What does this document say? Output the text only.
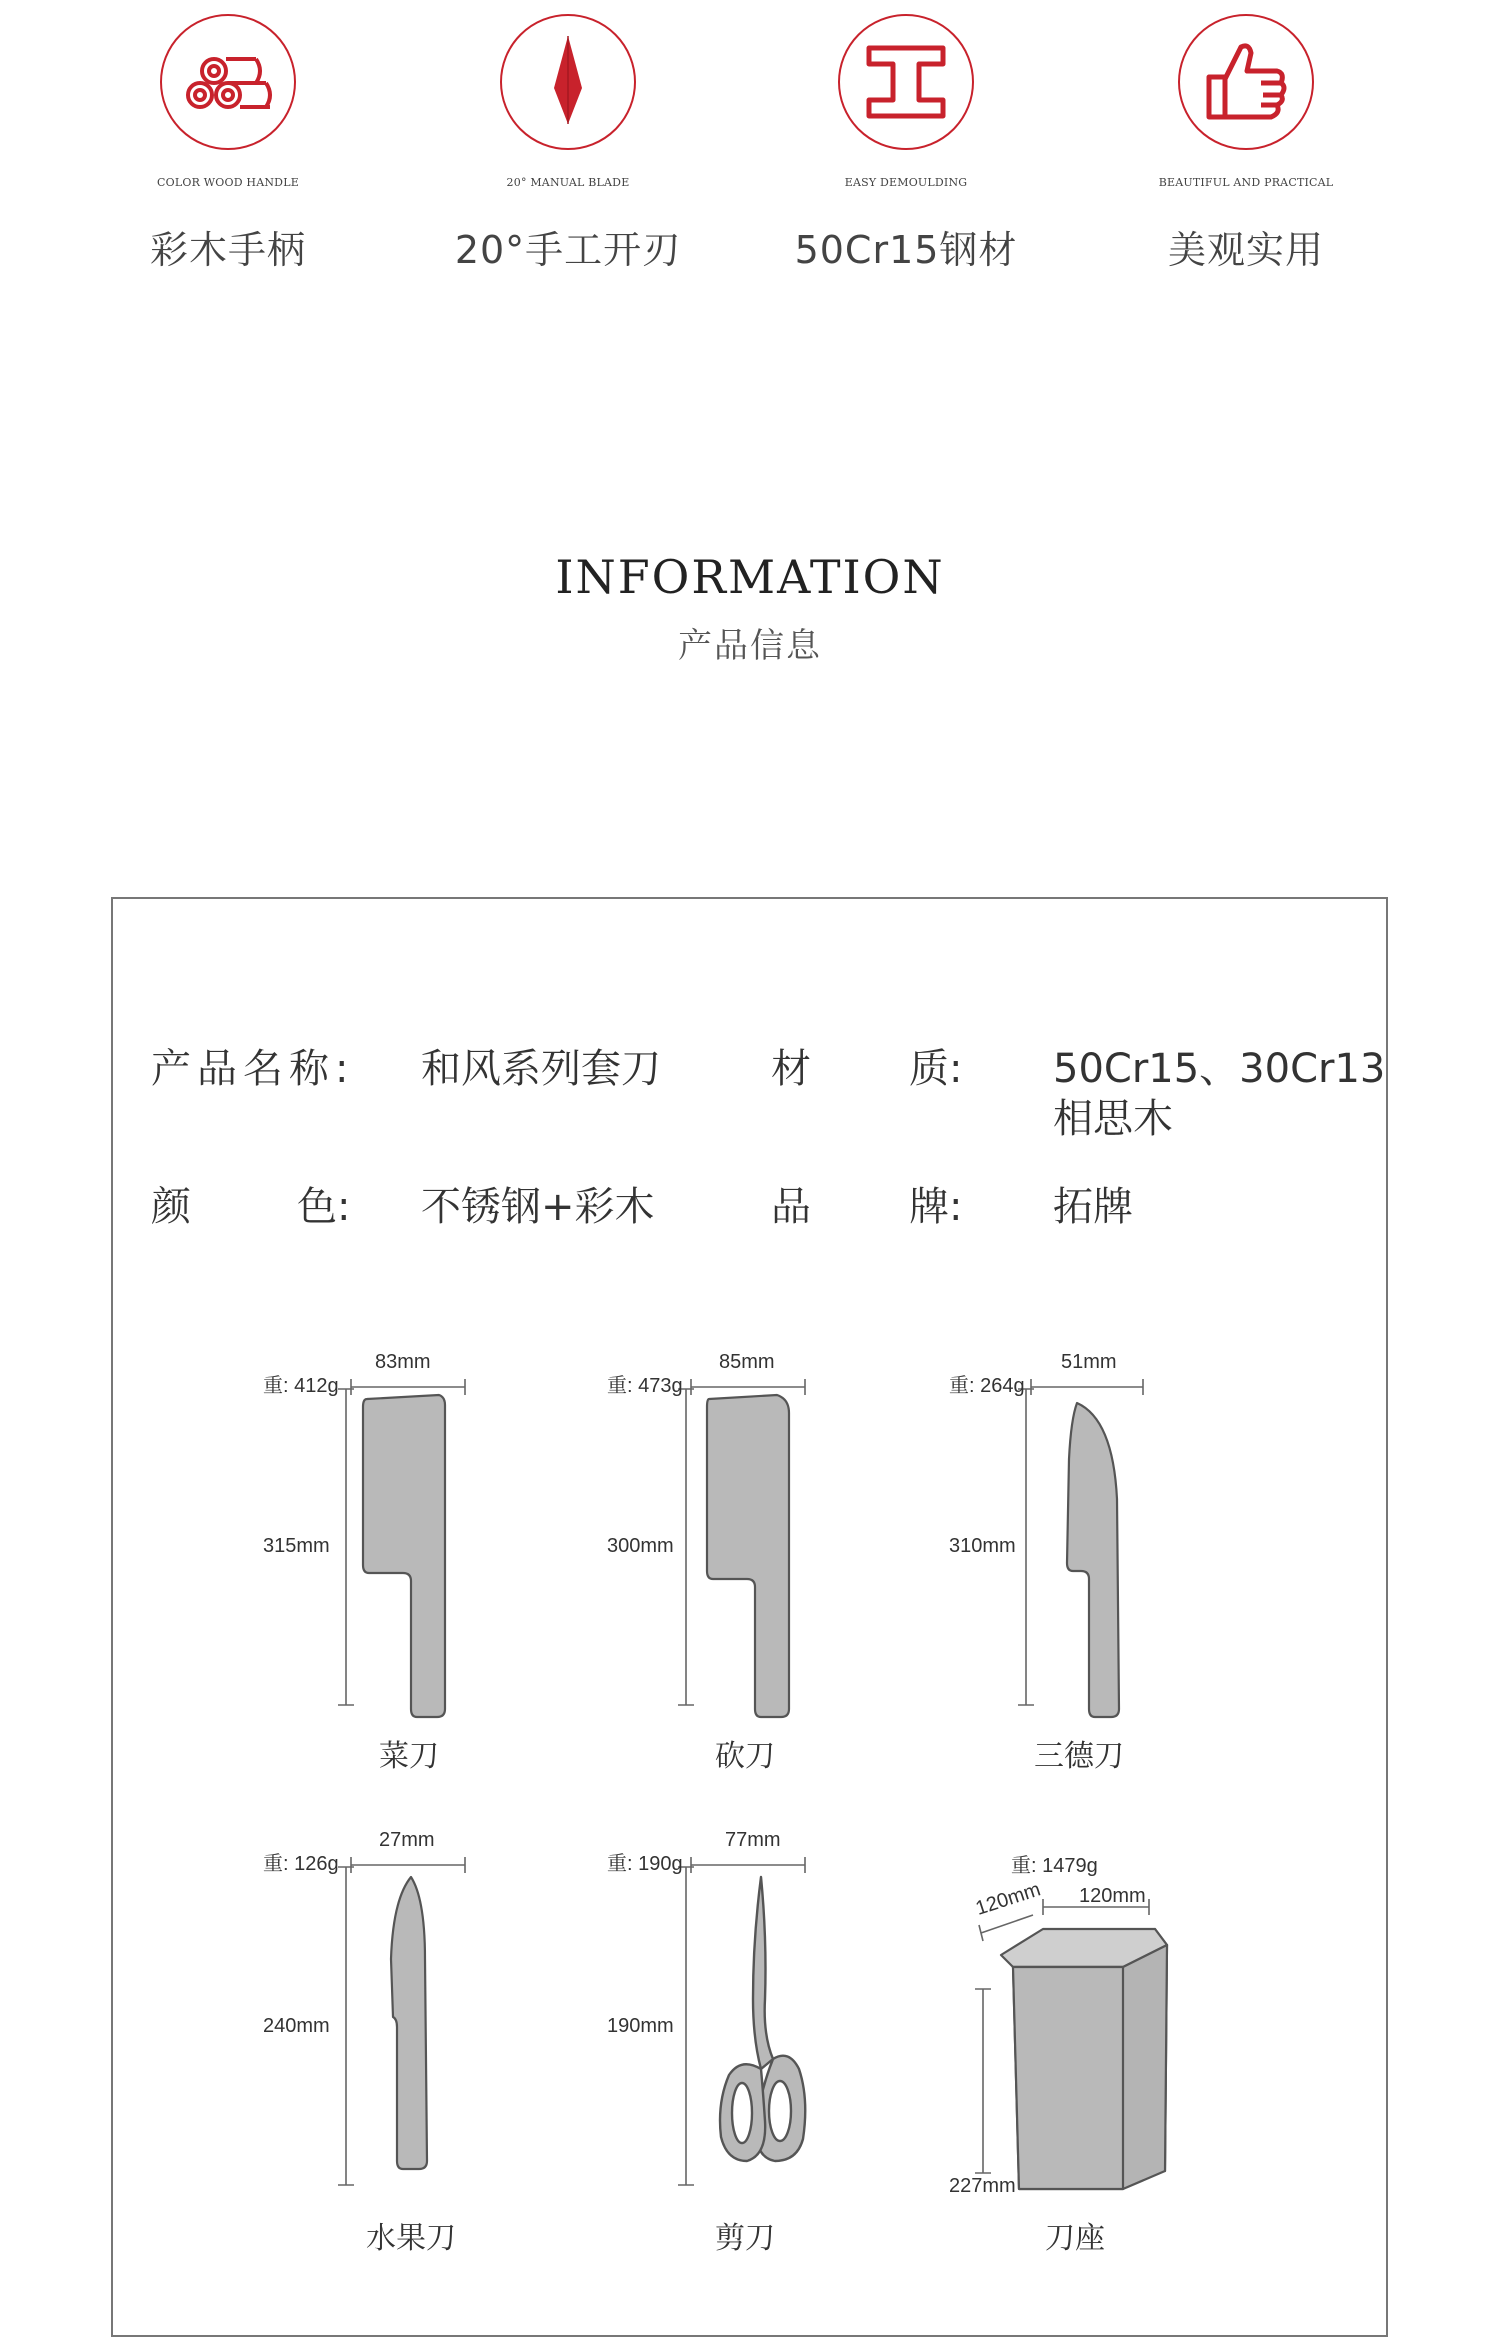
COLOR WOOD HANDLE
彩木手柄
20° MANUAL BLADE
20°手工开刃
EASY DEMOULDING
50Cr15钢材
BEAUTIFUL AND PRACTICAL
美观实用
INFORMATION
产品信息
产品名称: 和风系列套刀	材 质: 50Cr15、30Cr13
相思木
颜	色: 不锈钢+彩木	品 牌: 拓牌
重: 412g
83mm
315mm
重: 473g
85mm
300mm
重: 264g
51mm
310mm
重: 126g
27mm
240mm
重: 190g
77mm
190mm
重: 1479g
120mm
120mm
227mm
菜刀	砍刀	三德刀
水果刀	剪刀	刀座
